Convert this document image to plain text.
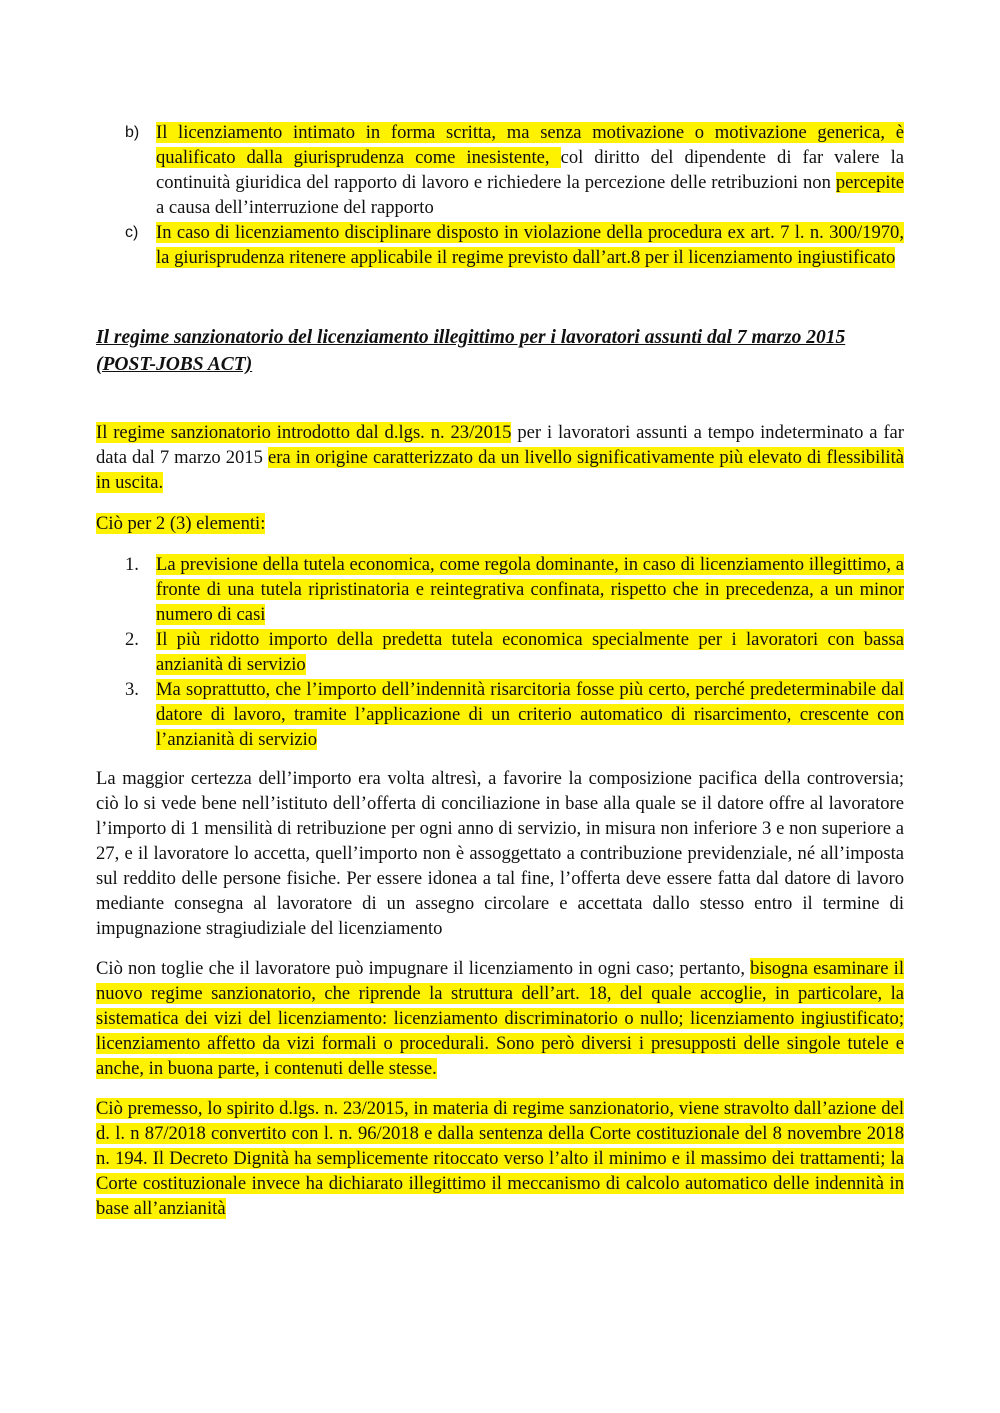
b) Il licenziamento intimato in forma scritta, ma senza motivazione o motivazione generica, è qualificato dalla giurisprudenza come inesistente, col diritto del dipendente di far valere la continuità giuridica del rapporto di lavoro e richiedere la percezione delle retribuzioni non percepite a causa dell’interruzione del rapporto
c) In caso di licenziamento disciplinare disposto in violazione della procedura ex art. 7 l. n. 300/1970, la giurisprudenza ritenere applicabile il regime previsto dall’art.8 per il licenziamento ingiustificato

Il regime sanzionatorio del licenziamento illegittimo per i lavoratori assunti dal 7 marzo 2015 (POST-JOBS ACT)

Il regime sanzionatorio introdotto dal d.lgs. n. 23/2015 per i lavoratori assunti a tempo indeterminato a far data dal 7 marzo 2015 era in origine caratterizzato da un livello significativamente più elevato di flessibilità in uscita.

Ciò per 2 (3) elementi:

1. La previsione della tutela economica, come regola dominante, in caso di licenziamento illegittimo, a fronte di una tutela ripristinatoria e reintegrativa confinata, rispetto che in precedenza, a un minor numero di casi
2. Il più ridotto importo della predetta tutela economica specialmente per i lavoratori con bassa anzianità di servizio
3. Ma soprattutto, che l’importo dell’indennità risarcitoria fosse più certo, perché predeterminabile dal datore di lavoro, tramite l’applicazione di un criterio automatico di risarcimento, crescente con l’anzianità di servizio

La maggior certezza dell’importo era volta altresì, a favorire la composizione pacifica della controversia; ciò lo si vede bene nell’istituto dell’offerta di conciliazione in base alla quale se il datore offre al lavoratore l’importo di 1 mensilità di retribuzione per ogni anno di servizio, in misura non inferiore 3 e non superiore a 27, e il lavoratore lo accetta, quell’importo non è assoggettato a contribuzione previdenziale, né all’imposta sul reddito delle persone fisiche. Per essere idonea a tal fine, l’offerta deve essere fatta dal datore di lavoro mediante consegna al lavoratore di un assegno circolare e accettata dallo stesso entro il termine di impugnazione stragiudiziale del licenziamento

Ciò non toglie che il lavoratore può impugnare il licenziamento in ogni caso; pertanto, bisogna esaminare il nuovo regime sanzionatorio, che riprende la struttura dell’art. 18, del quale accoglie, in particolare, la sistematica dei vizi del licenziamento: licenziamento discriminatorio o nullo; licenziamento ingiustificato; licenziamento affetto da vizi formali o procedurali. Sono però diversi i presupposti delle singole tutele e anche, in buona parte, i contenuti delle stesse.

Ciò premesso, lo spirito d.lgs. n. 23/2015, in materia di regime sanzionatorio, viene stravolto dall’azione del d. l. n 87/2018 convertito con l. n. 96/2018 e dalla sentenza della Corte costituzionale del 8 novembre 2018 n. 194. Il Decreto Dignità ha semplicemente ritoccato verso l’alto il minimo e il massimo dei trattamenti; la Corte costituzionale invece ha dichiarato illegittimo il meccanismo di calcolo automatico delle indennità in base all’anzianità
